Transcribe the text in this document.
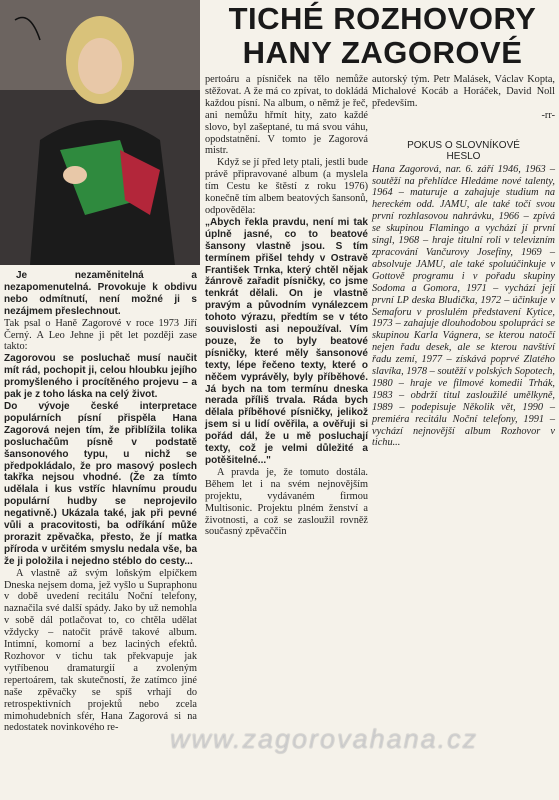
TICHÉ ROZHOVORY
HANY ZAGOROVÉ

Je nezaměnitelná a nezapomenutelná. Provokuje k obdivu nebo odmítnutí, není možné ji s nezájmem přeslechnout.

Tak psal o Haně Zagorové v roce 1973 Jiří Černý. A Leo Jehne ji pět let později zase takto:

Zagorovou se posluchač musí naučit mít rád, pochopit ji, celou hloubku jejího promyšleného i procítěného projevu – a pak je z toho láska na celý život.

Do vývoje české interpretace populárních písní přispěla Hana Zagorová nejen tím, že přiblížila tolika posluchačům písně v podstatě šansonového typu, u nichž se předpokládalo, že pro masový poslech takřka nejsou vhodné. (Že za tímto udělala i kus vstříc hlavnímu proudu populární hudby se neprojevilo negativně.) Ukázala také, jak při pevné vůli a pracovitosti, ba odříkání může prorazit zpěvačka, přesto, že jí matka příroda v určitém smyslu nedala vše, ba že ji položila i nejedno stéblo do cesty...

A vlastně až svým loňským elpíčkem Dneska nejsem doma, jež vyšlo u Supraphonu v době uvedení recitálu Noční telefony, naznačila své další spády. Jako by už nemohla v sobě dál potlačovat to, co chtěla udělat vždycky – natočit právě takové album. Intimní, komorní a bez laciných efektů. Rozhovor v tichu tak překvapuje jak vytříbenou dramaturgií a zvoleným repertoárem, tak skutečností, že zatímco jiné naše zpěvačky se spíš vrhají do retrospektivních projektů nebo zcela mimohudebních sfér, Hana Zagorová si na nedostatek novinkového re-

pertoáru a písniček na tělo nemůže stěžovat. A že má co zpívat, to dokládá každou písní. Na album, o němž je řeč, ani nemůžu hřmít hity, zato každé slovo, byl zašeptané, tu má svou váhu, opodstatnění. V tomto je Zagorová mistr.

Když se jí před lety ptali, jestli bude právě připravované album (a myslela tím Cestu ke štěstí z roku 1976) konečně tím albem beatových šansonů, odpověděla:

„Abych řekla pravdu, není mi tak úplně jasné, co to beatové šansony vlastně jsou. S tím termínem přišel tehdy v Ostravě František Trnka, který chtěl nějak žánrově zařadit písničky, co jsme tenkrát dělali. On je vlastně pravým a původním vynálezcem tohoto výrazu, předtím se v této souvislosti asi nepoužíval. Vím pouze, že to byly beatové písničky, které měly šansonové texty, lépe řečeno texty, které o něčem vyprávěly, byly příběhové. Já bych na tom termínu dneska nerada příliš trvala. Ráda bych dělala příběhové písničky, jelikož jsem si u lidí ověřila, a ověřuji si pořád dál, že u mě posluchají texty, což je velmi důležité a potěšitelné..."

A pravda je, že tomuto dostála. Během let i na svém nejnovějším projektu, vydávaném firmou Multisonic. Projektu plném ženství a životnosti, a což se zasloužil rovněž současný zpěvaččin

autorský tým. Petr Malásek, Václav Kopta, Michalové Kocáb a Horáček, David Noll především.

-rr-

POKUS O SLOVNÍKOVÉ
HESLO

Hana Zagorová, nar. 6. září 1946, 1963 – soutěží na přehlídce Hledáme nové talenty, 1964 – maturuje a zahajuje studium na hereckém odd. JAMU, ale také točí svou první rozhlasovou nahrávku, 1966 – zpívá se skupinou Flamingo a vychází jí první singl, 1968 – hraje titulní roli v televizním zpracování Vančurovy Josefíny, 1969 – absolvuje JAMU, ale také spoluúčinkuje v Gottově programu i v pořadu skupiny Sodoma a Gomora, 1971 – vychází její první LP deska Bludička, 1972 – účinkuje v Semaforu v proslulém představení Kytice, 1973 – zahajuje dlouhodobou spolupráci se skupinou Karla Vágnera, se kterou natočí nejen řadu desek, ale se kterou navštíví řadu zemí, 1977 – získává poprvé Zlatého slavíka, 1978 – soutěží v polských Sopotech, 1980 – hraje ve filmové komedii Trhák, 1983 – obdrží titul zasloužilé umělkyně, 1989 – podepisuje Několik vět, 1990 – premiéra recitálu Noční telefony, 1991 – vychází nejnovější album Rozhovor v tichu...

www.zagorovahana.cz
